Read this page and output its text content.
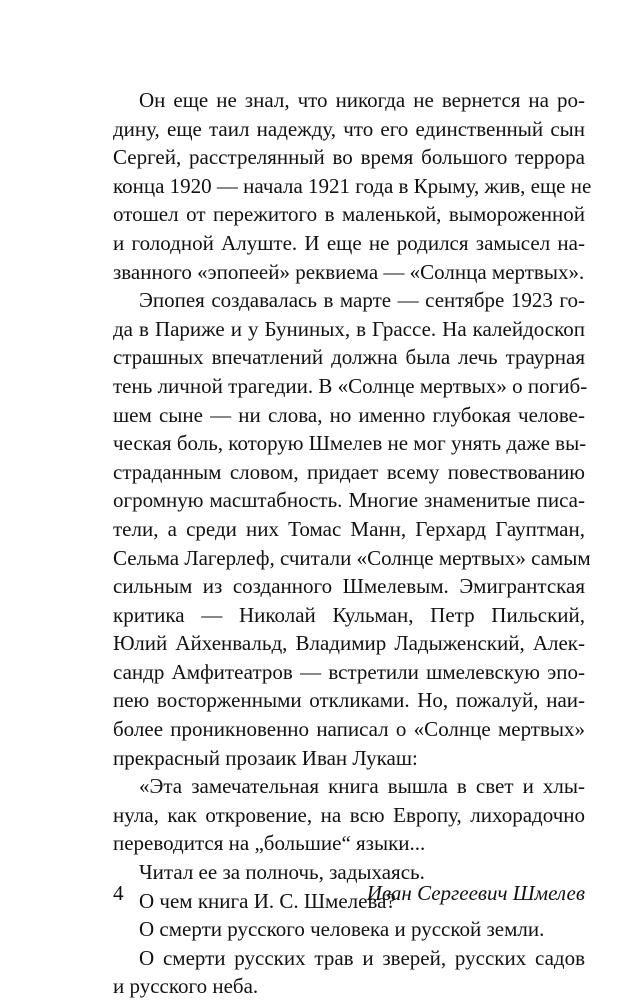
Он еще не знал, что никогда не вернется на ро-
дину, еще таил надежду, что его единственный сын
Сергей, расстрелянный во время большого террора
конца 1920 — начала 1921 года в Крыму, жив, еще не
отошел от пережитого в маленькой, вымороженной
и голодной Алуште. И еще не родился замысел на-
званного «эпопеей» реквиема — «Солнца мертвых».
Эпопея создавалась в марте — сентябре 1923 го-
да в Париже и у Буниных, в Грассе. На калейдоскоп
страшных впечатлений должна была лечь траурная
тень личной трагедии. В «Солнце мертвых» о погиб-
шем сыне — ни слова, но именно глубокая челове-
ческая боль, которую Шмелев не мог унять даже вы-
страданным словом, придает всему повествованию
огромную масштабность. Многие знаменитые писа-
тели, а среди них Томас Манн, Герхард Гауптман,
Сельма Лагерлеф, считали «Солнце мертвых» самым
сильным из созданного Шмелевым. Эмигрантская
критика — Николай Кульман, Петр Пильский,
Юлий Айхенвальд, Владимир Ладыженский, Алек-
сандр Амфитеатров — встретили шмелевскую эпо-
пею восторженными откликами. Но, пожалуй, наи-
более проникновенно написал о «Солнце мертвых»
прекрасный прозаик Иван Лукаш:
«Эта замечательная книга вышла в свет и хлы-
нула, как откровение, на всю Европу, лихорадочно
переводится на „большие“ языки...
Читал ее за полночь, задыхаясь.
О чем книга И. С. Шмелева?
О смерти русского человека и русской земли.
О смерти русских трав и зверей, русских садов
и русского неба.
4	Иван Сергеевич Шмелев
